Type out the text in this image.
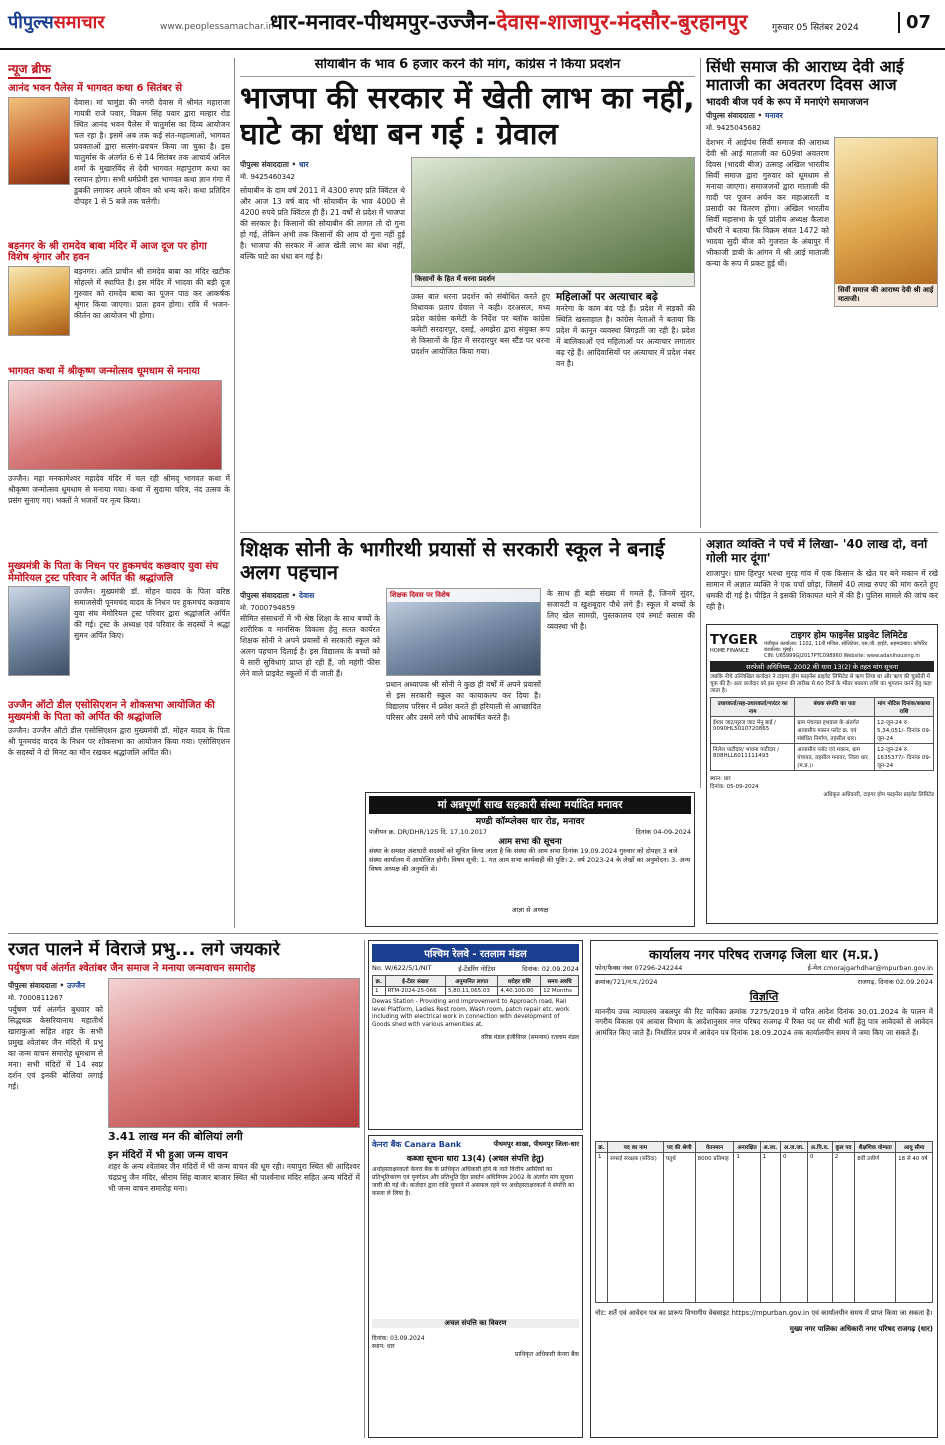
पीपुल्ससमाचार	www.peoplessamachar.in
धार-मनावर-पीथमपुर-उज्जैन-देवास-शाजापुर-मंदसौर-बुरहानपुर	गुरुवार 05 सितंबर 2024	07
न्यूज ब्रीफ
आनंद भवन पैलेस में भागवत कथा 6 सितंबर से
देवास। मां चामुंडा की नगरी देवास में श्रीमंत महाराजा गायत्री राजे पवार, विक्रम सिंह पवार द्वारा मल्हार रोड स्थित आनंद भवन पैलेस में चातुर्मास का दिव्य आयोजन चल रहा है। इसमें अब तक कई संत-महात्माओं, भागवत प्रवक्ताओं द्वारा सत्संग-प्रवचन किया जा चुका है। इस चातुर्मास के अंतर्गत 6 से 14 सितंबर तक आचार्य अनिल शर्मा के मुखारविंद से देवी भागवत महापुराण कथा का रसपान होगा। सभी धर्मप्रेमी इस भागवत कथा ज्ञान गंगा में डुबकी लगाकर अपने जीवन को धन्य करें। कथा प्रतिदिन दोपहर 1 से 5 बजे तक चलेगी।
बड़नगर के श्री रामदेव बाबा मंदिर में आज दूज पर होगा विशेष श्रृंगार और हवन
बड़नगर। अति प्राचीन श्री रामदेव बाबा का मंदिर खटीक मोहल्ले में स्थापित है। इस मंदिर में भादवा की बड़ी दूज गुरुवार को रामदेव बाबा का पूजन पाठ कर आकर्षक श्रृंगार किया जाएगा। प्रातः हवन होगा। रात्रि में भजन-कीर्तन का आयोजन भी होगा।
भागवत कथा में श्रीकृष्ण जन्मोत्सव धूमधाम से मनाया
उज्जैन। महा मनकामेश्वर महादेव मंदिर में चल रही श्रीमद् भागवत कथा में श्रीकृष्ण जन्मोत्सव धूमधाम से मनाया गया। कथा में सुदामा चरित्र, नंद उत्सव के प्रसंग सुनाए गए। भक्तों ने भजनों पर नृत्य किया।
मुख्यमंत्री के पिता के निधन पर हुकमचंद कछवाए युवा संघ मेमोरियल ट्रस्ट परिवार ने अर्पित की श्रद्धांजलि
उज्जैन। मुख्यमंत्री डॉ. मोहन यादव के पिता वरिष्ठ समाजसेवी पूनमचंद यादव के निधन पर हुकमचंद कछवाय युवा संघ मेमोरियल ट्रस्ट परिवार द्वारा श्रद्धांजलि अर्पित की गई। ट्रस्ट के अध्यक्ष एवं परिवार के सदस्यों ने श्रद्धा सुमन अर्पित किए।
उज्जैन ऑटो डील एसोसिएशन ने शोकसभा आयोजित की मुख्यमंत्री के पिता को अर्पित की श्रद्धांजलि
उज्जैन। उज्जैन ऑटो डील एसोसिएशन द्वारा मुख्यमंत्री डॉ. मोहन यादव के पिता श्री पूनमचंद यादव के निधन पर शोकसभा का आयोजन किया गया। एसोसिएशन के सदस्यों ने दो मिनट का मौन रखकर श्रद्धांजलि अर्पित की।
सोयाबीन के भाव 6 हजार करने की मांग, कांग्रेस ने किया प्रदर्शन
भाजपा की सरकार में खेती लाभ का नहीं, घाटे का धंधा बन गई : ग्रेवाल
पीपुल्स संवाददाता • धार
मो. 9425460342
सोयाबीन के दाम वर्ष 2011 में 4300 रुपए प्रति क्विंटल थे और आज 13 वर्ष बाद भी सोयाबीन के भाव 4000 से 4200 रुपये प्रति क्विंटल ही हैं। 21 वर्षों से प्रदेश में भाजपा की सरकार है। किसानों की सोयाबीन की लागत तो दो गुना हो गई, लेकिन अभी तक किसानों की आय दो गुना नहीं हुई है। भाजपा की सरकार में आज खेती लाभ का धंधा नहीं, बल्कि घाटे का धंधा बन गई है।
किसानों के हित में धरना प्रदर्शन
उक्त बात धरना प्रदर्शन को संबोधित करते हुए विधायक प्रताप ग्रेवाल ने कही। दरअसल, मध्य प्रदेश कांग्रेस कमेटी के निर्देश पर ब्लॉक कांग्रेस कमेटी सरदारपुर, दसई, अमझेरा द्वारा संयुक्त रूप से किसानों के हित में सरदारपुर बस स्टैंड पर धरना प्रदर्शन आयोजित किया गया।
महिलाओं पर अत्याचार बढ़े
मनरेगा के काम बंद पड़े हैं। प्रदेश में सड़कों की स्थिति खस्ताहाल है। कांग्रेस नेताओं ने बताया कि प्रदेश में कानून व्यवस्था बिगड़ती जा रही है। प्रदेश में बालिकाओं एवं महिलाओं पर अत्याचार लगातार बढ़ रहे हैं। आदिवासियों पर अत्याचार में प्रदेश नंबर वन है।
सिंधी समाज की आराध्य देवी आई माताजी का अवतरण दिवस आज
भादवी बीज पर्व के रूप में मनाएंगे समाजजन
पीपुल्स संवाददाता • मनावर
मो. 9425045682
देशभर में आईपंथ सिर्वी समाज की आराध्य देवी श्री आई माताजी का 609वां अवतरण दिवस (भादवी बीज) उत्साह अखिल भारतीय सिर्वी समाज द्वारा गुरुवार को धूमधाम से मनाया जाएगा। समाजजनों द्वारा माताजी की गादी पर पूजन अर्चन कर महाआरती व प्रसादी का वितरण होगा। अखिल भारतीय सिर्वी महासभा के पूर्व प्रांतीय अध्यक्ष कैलाश चौधरी ने बताया कि विक्रम संवत 1472 को भादवा सुदी बीज को गुजरात के अंबापुर में भीकाजी डाबी के आंगन में श्री आई माताजी कन्या के रूप में प्रकट हुई थीं।
सिर्वी समाज की आराध्य देवी श्री आई माताजी।
शिक्षक सोनी के भागीरथी प्रयासों से सरकारी स्कूल ने बनाई अलग पहचान
पीपुल्स संवाददाता • देवास
मो. 7000794859
सीमित संसाधनों में भी श्रेष्ठ शिक्षा के साथ बच्चों के शारीरिक व मानसिक विकास हेतु सतत कार्यरत शिक्षक सोनी ने अपने प्रयासों से सरकारी स्कूल को अलग पहचान दिलाई है। इस विद्यालय के बच्चों को ये सारी सुविधाएं प्राप्त हो रही हैं, जो महंगी फीस लेने वाले प्राइवेट स्कूलों में दी जाती हैं।
शिक्षक दिवस पर विशेष
प्रधान अध्यापक श्री सोनी ने कुछ ही वर्षों में अपने प्रयासों से इस सरकारी स्कूल का कायाकल्प कर दिया है। विद्यालय परिसर में प्रवेश करते ही हरियाली से आच्छादित परिसर और उसमें लगे पौधे आकर्षित करते हैं।
के साथ ही बड़ी संख्या में गमले हैं, जिनमें सुंदर, सजावटी व खुशबूदार पौधे लगे हैं। स्कूल में बच्चों के लिए खेल सामग्री, पुस्तकालय एवं स्मार्ट क्लास की व्यवस्था भी है।
अज्ञात व्यक्ति ने पर्चे में लिखा- '40 लाख दो, वर्ना गोली मार दूंगा'
शाजापुर। ग्राम हिरपुर भरथा मुरड़ गांव में एक किसान के खेत पर बने मकान में रखे सामान में अज्ञात व्यक्ति ने एक पर्चा छोड़ा, जिसमें 40 लाख रुपए की मांग करते हुए धमकी दी गई है। पीड़ित ने इसकी शिकायत थाने में की है। पुलिस मामले की जांच कर रही है।
TYGER
HOME FINANCE
टाइगर होम फाइनेंस प्राइवेट लिमिटेड
पंजीकृत कार्यालय: 1102, 11वीं मंजिल, सोलिटेयर, एस.जी. हाईवे, अहमदाबाद। कॉर्पोरेट कार्यालय: मुंबई।
CIN: U65999GJ2017PTC098960 Website: www.adanihousing.in
सरफेसी अधिनियम, 2002 की धारा 13(2) के तहत मांग सूचना
जबकि नीचे उल्लिखित कर्जदार ने टाइगर होम फाइनेंस प्राइवेट लिमिटेड से ऋण लिया था और ऋण की चुकौती में चूक की है। अतः कर्जदार को इस सूचना की तारीख से 60 दिनों के भीतर बकाया राशि का भुगतान करने हेतु कहा जाता है।
उधारकर्ता/सह-उधारकर्ता/गारंटर का नाम	बंधक संपत्ति का पता	मांग नोटिस दिनांक/बकाया राशि
ईश्वर जाट/सूरज जाट मेनू बाई / 0090HL5010720865	ग्राम पंचायत हथवाल के अंतर्गत आवासीय मकान प्लॉट क्र. एवं संबंधित निर्माण, तहसील धार।	12-जून-24 रु. 5,34,051/- दिनांक 09-जून-24
निलेश पाटीदार/ भावना पाटीदार / 808HLL6011111493	आवासीय प्लॉट एवं मकान, ग्राम पंचायत, तहसील मनावर, जिला धार (म.प्र.)।	12-जून-24 रु. 1635377/- दिनांक 09-जून-24
स्थान: धार
दिनांक: 05-09-2024
अधिकृत अधिकारी, टाइगर होम फाइनेंस प्राइवेट लिमिटेड
मां अन्नपूर्णा साख सहकारी संस्था मर्यादित मनावर
मण्डी कॉम्प्लेक्स धार रोड, मनावर
पंजीयन क्र. DR/DHR/125 दि. 17.10.2017	दिनांक 04-09-2024
आम सभा की सूचना
संस्था के समस्त अंशधारी सदस्यों को सूचित किया जाता है कि संस्था की आम सभा दिनांक 19.09.2024 गुरुवार को दोपहर 3 बजे संस्था कार्यालय में आयोजित होगी। विषय सूची: 1. गत आम सभा कार्यवाही की पुष्टि। 2. वर्ष 2023-24 के लेखों का अनुमोदन। 3. अन्य विषय अध्यक्ष की अनुमति से।
आज्ञा से अध्यक्ष
रजत पालने में विराजे प्रभु... लगे जयकारे
पर्युषण पर्व अंतर्गत श्वेतांबर जैन समाज ने मनाया जन्मवाचन समारोह
पीपुल्स संवाददाता • उज्जैन
मो. 7000811267
पर्युषण पर्व अंतर्गत बुधवार को सिद्धचक्र केसरियानाथ महातीर्थ खाराकुआं सहित शहर के सभी प्रमुख श्वेतांबर जैन मंदिरों में प्रभु का जन्म वाचन समारोह धूमधाम से मना। सभी मंदिरों में 14 स्वप्न दर्शन एवं इनकी बोलियां लगाई गईं।
3.41 लाख मन की बोलियां लगी
इन मंदिरों में भी हुआ जन्म वाचन
शहर के अन्य श्वेतांबर जैन मंदिरों में भी जन्म वाचन की धूम रही। नयापुरा स्थित श्री आदिश्वर चंद्रप्रभु जैन मंदिर, श्रीराम सिंह बाजार बाजार स्थित श्री पार्श्वनाथ मंदिर सहित अन्य मंदिरों में भी जन्म वाचन समारोह मना।
पश्चिम रेलवे - रतलाम मंडल
No. W/622/5/1/NIT	ई-टेंडरिंग नोटिस	दिनांक: 02.09.2024
क्र.	ई-टेंडर संख्या	अनुमानित लागत	धरोहर राशि	समय अवधि
1	RTM-2024-25-066	5,80,11,065.03	4,40,100.00	12 Months
Dewas Station - Providing and improvement to Approach road, Rail level Platform, Ladies Rest room, Wash room, patch repair etc. work including with electrical work in connection with development of Goods shed with various amenities at.
वरिष्ठ मंडल इंजीनियर (समन्वय) रतलाम मंडल
केनरा बैंक Canara Bank	पीथमपुर शाखा, पीथमपुर जिला-धार
कब्जा सूचना धारा 13(4) (अचल संपत्ति हेतु)
अधोहस्ताक्षरकर्ता केनरा बैंक के प्राधिकृत अधिकारी होने के नाते वित्तीय आस्तियों का प्रतिभूतिकरण एवं पुनर्गठन और प्रतिभूति हित प्रवर्तन अधिनियम 2002 के अंतर्गत मांग सूचना जारी की गई थी। कर्जदार द्वारा राशि चुकाने में असफल रहने पर अधोहस्ताक्षरकर्ता ने संपत्ति का कब्जा ले लिया है।
अचल संपत्ति का विवरण
दिनांक: 03.09.2024
स्थान: धार
प्राधिकृत अधिकारी केनरा बैंक
कार्यालय नगर परिषद राजगढ़ जिला धार (म.प्र.)
फोन/फैक्स नंबर 07296-242244	ई-मेल cmorajgarhdhar@mpurban.gov.in
क्रमांक/721/न.प./2024	राजगढ़, दिनांक 02.09.2024
विज्ञप्ति
माननीय उच्च न्यायालय जबलपुर की रिट याचिका क्रमांक 7275/2019 में पारित आदेश दिनांक 30.01.2024 के पालन में नगरीय विकास एवं आवास विभाग के आदेशानुसार नगर परिषद राजगढ़ में रिक्त पद पर सीधी भर्ती हेतु पात्र आवेदकों से आवेदन आमंत्रित किए जाते हैं। निर्धारित प्रपत्र में आवेदन पत्र दिनांक 18.09.2024 तक कार्यालयीन समय में जमा किए जा सकते हैं।
क्र.	पद का नाम	पद की श्रेणी	वेतनमान	अनारक्षित	अ.जा.	अ.ज.जा.	अ.पि.व.	कुल पद	शैक्षणिक योग्यता	आयु सीमा
1	सफाई संरक्षक (संविदा)	चतुर्थ	8000 प्रतिमाह	1	1	0	0	2	8वीं उत्तीर्ण	18 से 40 वर्ष
नोट: शर्ते एवं आवेदन पत्र का प्रारूप विभागीय वेबसाइट https://mpurban.gov.in एवं कार्यालयीन समय में प्राप्त किया जा सकता है।
मुख्य नगर पालिका अधिकारी नगर परिषद राजगढ़ (धार)
